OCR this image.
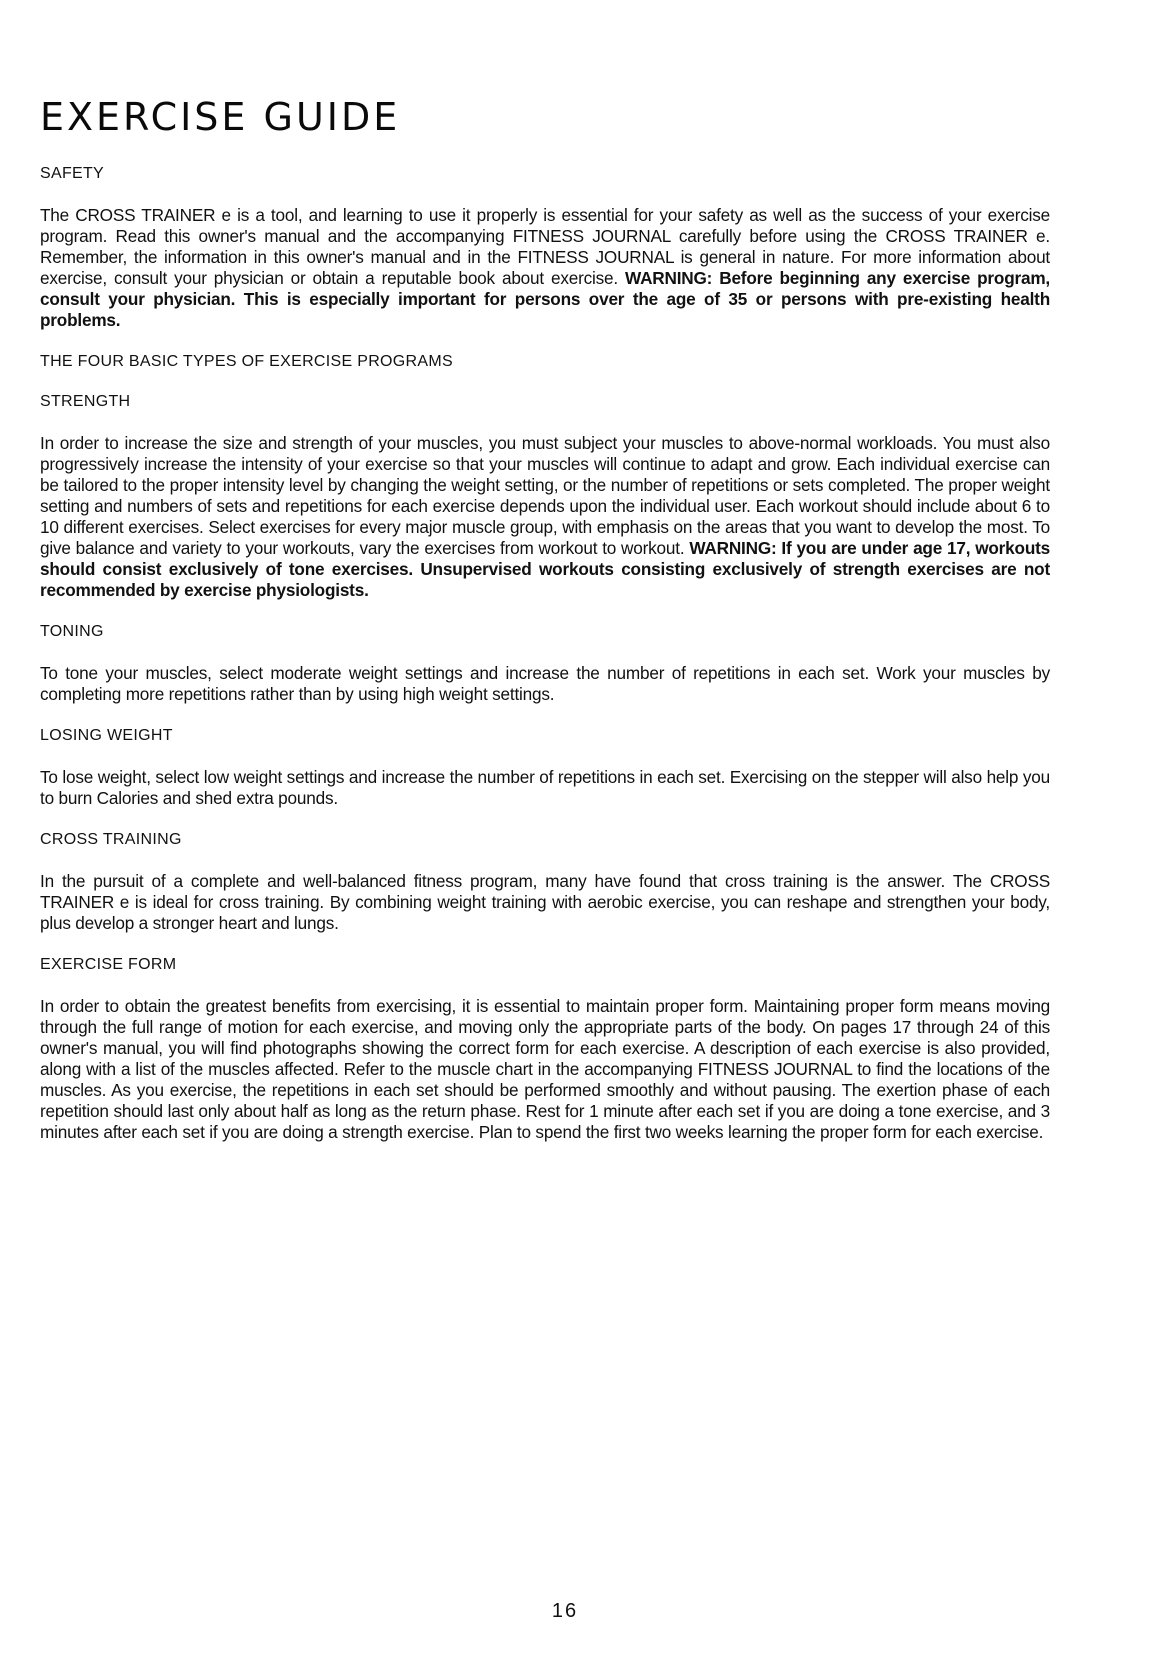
EXERCISE GUIDE
SAFETY

The CROSS TRAINER e is a tool, and learning to use it properly is essential for your safety as well as the success of your exercise program. Read this owner's manual and the accompanying FITNESS JOURNAL carefully before using the CROSS TRAINER e. Remember, the information in this owner's manual and in the FITNESS JOURNAL is general in nature. For more information about exercise, consult your physician or obtain a reputable book about exercise. WARNING: Before beginning any exercise program, consult your physician. This is especially important for persons over the age of 35 or persons with pre-existing health problems.

THE FOUR BASIC TYPES OF EXERCISE PROGRAMS
STRENGTH

In order to increase the size and strength of your muscles, you must subject your muscles to above-normal workloads. You must also progressively increase the intensity of your exercise so that your muscles will continue to adapt and grow. Each individual exercise can be tailored to the proper intensity level by changing the weight setting, or the number of repetitions or sets completed. The proper weight setting and numbers of sets and repetitions for each exercise depends upon the individual user. Each workout should include about 6 to 10 different exercises. Select exercises for every major muscle group, with emphasis on the areas that you want to develop the most. To give balance and variety to your workouts, vary the exercises from workout to workout. WARNING: If you are under age 17, workouts should consist exclusively of tone exercises. Unsupervised workouts consisting exclusively of strength exercises are not recommended by exercise physiologists.

TONING

To tone your muscles, select moderate weight settings and increase the number of repetitions in each set. Work your muscles by completing more repetitions rather than by using high weight settings.

LOSING WEIGHT

To lose weight, select low weight settings and increase the number of repetitions in each set. Exercising on the stepper will also help you to burn Calories and shed extra pounds.

CROSS TRAINING

In the pursuit of a complete and well-balanced fitness program, many have found that cross training is the answer. The CROSS TRAINER e is ideal for cross training. By combining weight training with aerobic exercise, you can reshape and strengthen your body, plus develop a stronger heart and lungs.

EXERCISE FORM

In order to obtain the greatest benefits from exercising, it is essential to maintain proper form. Maintaining proper form means moving through the full range of motion for each exercise, and moving only the appropriate parts of the body. On pages 17 through 24 of this owner's manual, you will find photographs showing the correct form for each exercise. A description of each exercise is also provided, along with a list of the muscles affected. Refer to the muscle chart in the accompanying FITNESS JOURNAL to find the locations of the muscles. As you exercise, the repetitions in each set should be performed smoothly and without pausing. The exertion phase of each repetition should last only about half as long as the return phase. Rest for 1 minute after each set if you are doing a tone exercise, and 3 minutes after each set if you are doing a strength exercise. Plan to spend the first two weeks learning the proper form for each exercise.

16
